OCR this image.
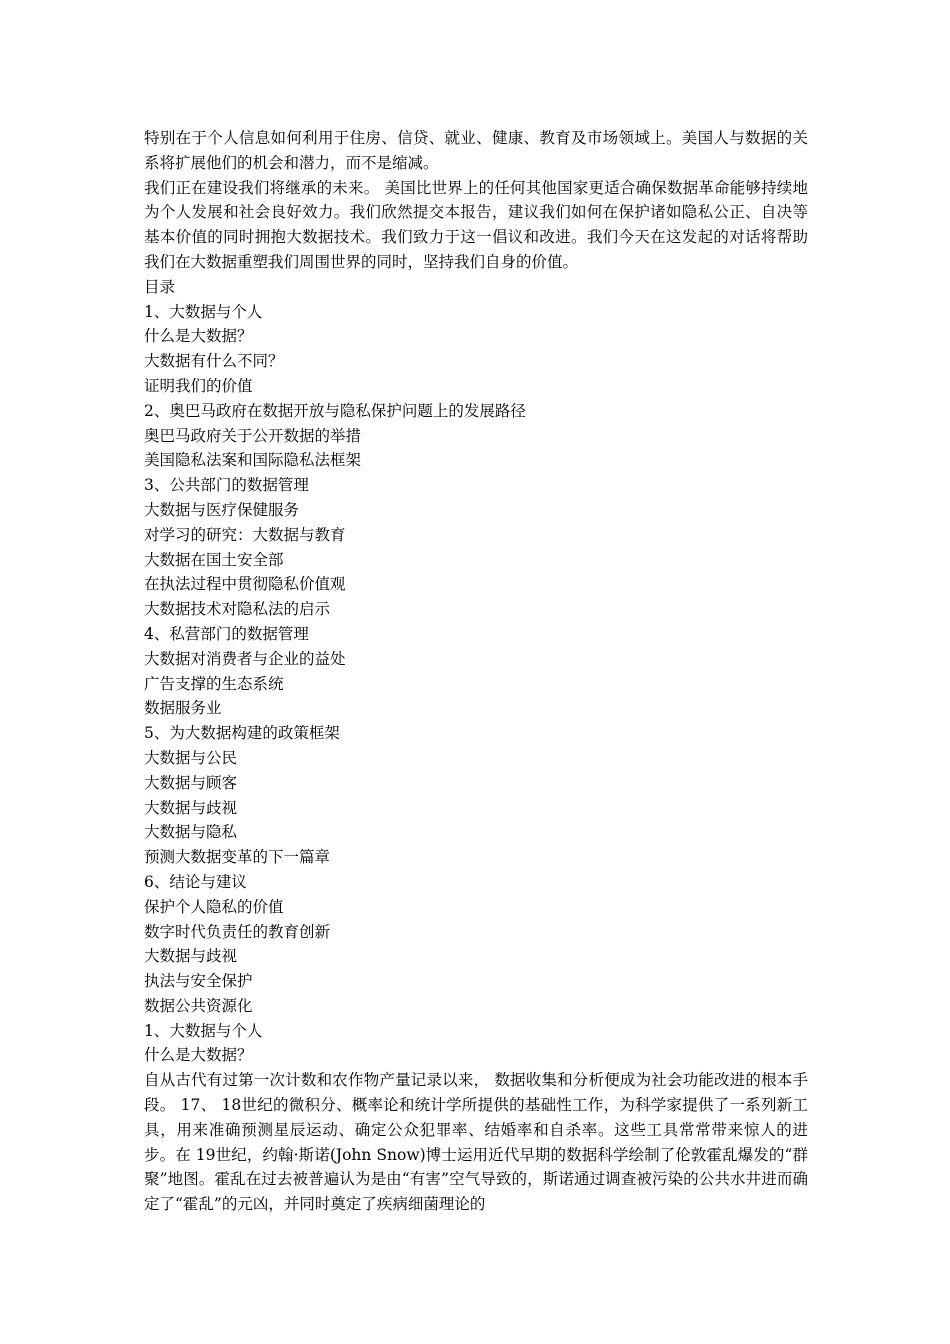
特别在于个人信息如何利用于住房、信贷、就业、健康、教育及市场领域上。美国人与数据的关系将扩展他们的机会和潜力，而不是缩减。

我们正在建设我们将继承的未来。 美国比世界上的任何其他国家更适合确保数据革命能够持续地为个人发展和社会良好效力。我们欣然提交本报告，建议我们如何在保护诸如隐私公正、自决等基本价值的同时拥抱大数据技术。我们致力于这一倡议和改进。我们今天在这发起的对话将帮助我们在大数据重塑我们周围世界的同时，坚持我们自身的价值。

目录

1、大数据与个人

什么是大数据？

大数据有什么不同？

证明我们的价值

2、奥巴马政府在数据开放与隐私保护问题上的发展路径

奥巴马政府关于公开数据的举措

美国隐私法案和国际隐私法框架

3、公共部门的数据管理

大数据与医疗保健服务

对学习的研究：大数据与教育

大数据在国土安全部

在执法过程中贯彻隐私价值观

大数据技术对隐私法的启示

4、私营部门的数据管理

大数据对消费者与企业的益处

广告支撑的生态系统

数据服务业

5、为大数据构建的政策框架

大数据与公民

大数据与顾客

大数据与歧视

大数据与隐私

预测大数据变革的下一篇章

6、结论与建议

保护个人隐私的价值

数字时代负责任的教育创新

大数据与歧视

执法与安全保护

数据公共资源化

1、大数据与个人

什么是大数据？

自从古代有过第一次计数和农作物产量记录以来， 数据收集和分析便成为社会功能改进的根本手段。 17、 18世纪的微积分、概率论和统计学所提供的基础性工作，为科学家提供了一系列新工具，用来准确预测星辰运动、确定公众犯罪率、结婚率和自杀率。这些工具常常带来惊人的进步。在 19世纪，约翰·斯诺(John Snow)博士运用近代早期的数据科学绘制了伦敦霍乱爆发的“群聚”地图。霍乱在过去被普遍认为是由“有害”空气导致的，斯诺通过调查被污染的公共水井进而确定了“霍乱”的元凶，并同时奠定了疾病细菌理论的
